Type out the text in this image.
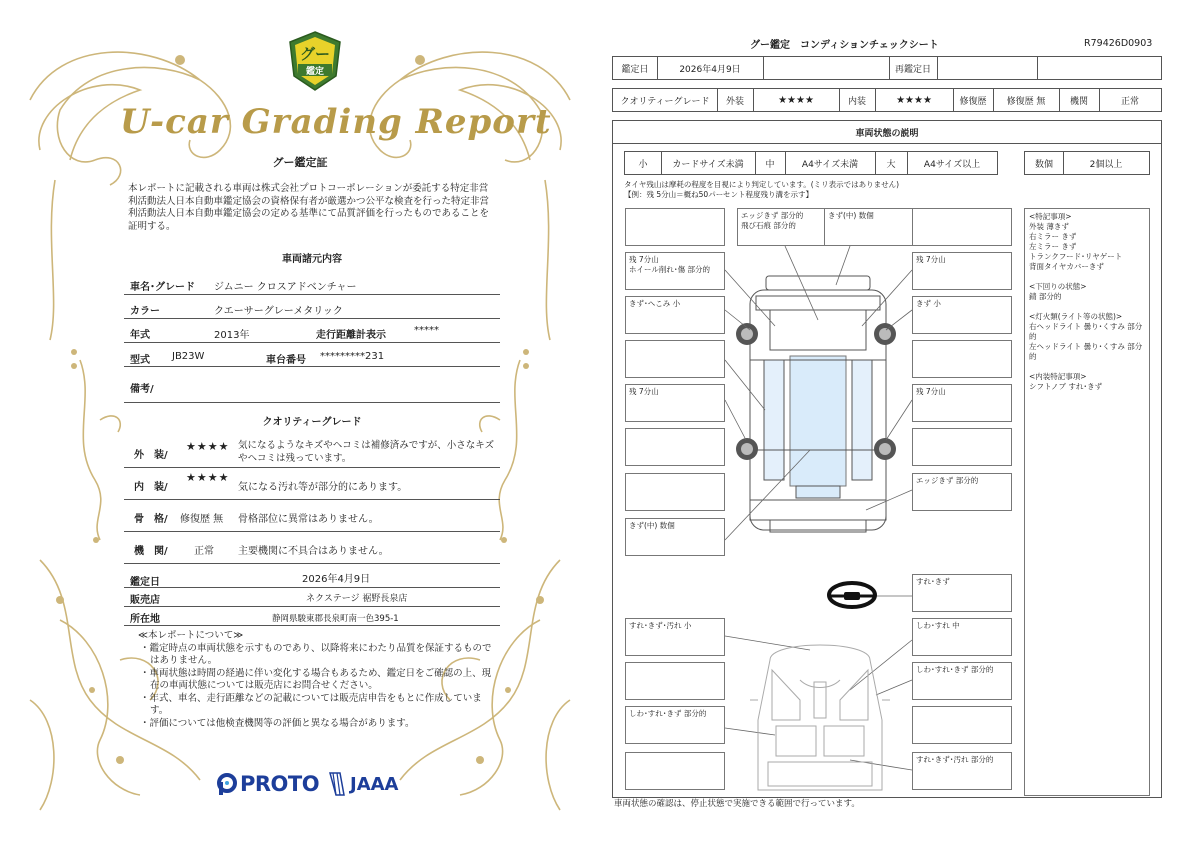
グー
鑑定
U-car Grading Report
グー鑑定証
本レポートに記載される車両は株式会社プロトコーポレーションが委託する特定非営利活動法人日本自動車鑑定協会の資格保有者が厳選かつ公平な検査を行った特定非営利活動法人日本自動車鑑定協会の定める基準にて品質評価を行ったものであることを証明する。
車両諸元内容
車名･グレード ジムニー クロスアドベンチャー
カラー	クエーサーグレーメタリック
年式	2013年	走行距離計表示	*****
型式 JB23W	車台番号 *********231
備考/
クオリティーグレード
外　装/
★★★★ 気になるようなキズやヘコミは補修済みですが、小さなキズやヘコミは残っています。
内　装/
★★★★
気になる汚れ等が部分的にあります。
骨　格/ 修復歴 無 骨格部位に異常はありません。
機　関/	正常 主要機関に不具合はありません。
鑑定日	2026年4月9日
販売店	ネクステージ 裾野長泉店
所在地	静岡県駿東郡長泉町南一色395-1
≪本レポートについて≫
・鑑定時点の車両状態を示すものであり、以降将来にわたり品質を保証するものではありません。
・車両状態は時間の経過に伴い変化する場合もあるため、鑑定日をご確認の上、現在の車両状態については販売店にお問合せください。
・年式、車名、走行距離などの記載については販売店申告をもとに作成しています。
・評価については他検査機関等の評価と異なる場合があります。
PROTO JAAA
グー鑑定　コンディションチェックシート	R79426D0903
鑑定日	2026年4月9日	再鑑定日
クオリティーグレード	外装	★★★★	内装	★★★★	修復歴	修復歴 無	機関	正常
車両状態の説明
小	カードサイズ未満	中	A4サイズ未満	大	A4サイズ以上	数個	2個以上
タイヤ残山は摩耗の程度を目視により判定しています。(ミリ表示ではありません)
【例：残 5分山＝概ね50パーセント程度残り溝を示す】
残 7分山
ホイール削れ･傷 部分的
きず･へこみ 小
残 7分山
きず(中) 数個
エッジきず 部分的
飛び石痕 部分的
きず(中) 数個
残 7分山
きず 小
残 7分山
エッジきず 部分的
すれ･きず
すれ･きず･汚れ 小
しわ･すれ･きず 部分的
しわ･すれ 中
しわ･すれ･きず 部分的
すれ･きず･汚れ 部分的
<特記事項>
外装 薄きず
右ミラー きず
左ミラー きず
トランクフード･リヤゲート
背面タイヤカバーきず

<下回りの状態>
錆 部分的

<灯火類(ライト等の状態)>
右ヘッドライト 曇り･くすみ 部分的
左ヘッドライト 曇り･くすみ 部分的

<内装特記事項>
シフトノブ すれ･きず
車両状態の確認は、停止状態で実施できる範囲で行っています。
